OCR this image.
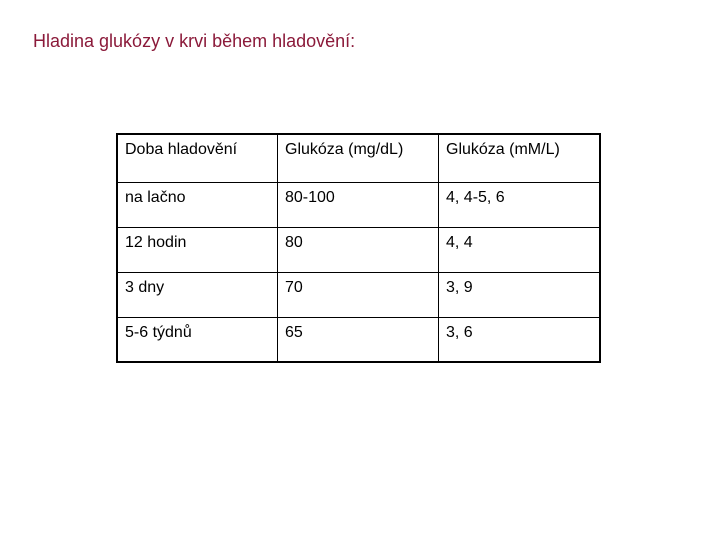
Hladina glukózy v krvi během hladovění:
Doba hladovění	Glukóza (mg/dL)	Glukóza (mM/L)
na lačno	80-100	4, 4-5, 6
12 hodin	80	4, 4
3 dny	70	3, 9
5-6 týdnů	65	3, 6
